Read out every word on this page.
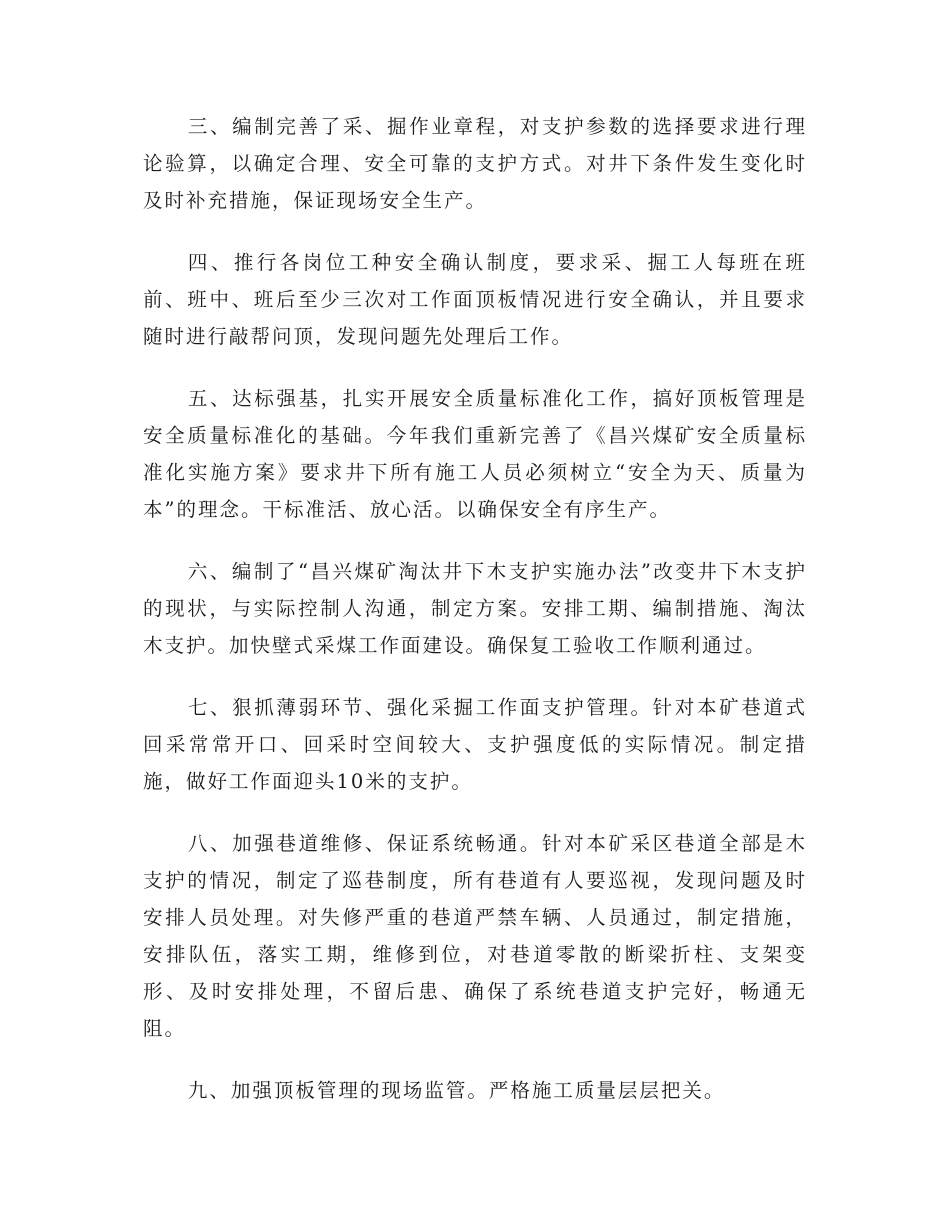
三、编制完善了采、掘作业章程，对支护参数的选择要求进行理论验算，以确定合理、安全可靠的支护方式。对井下条件发生变化时及时补充措施，保证现场安全生产。

四、推行各岗位工种安全确认制度，要求采、掘工人每班在班前、班中、班后至少三次对工作面顶板情况进行安全确认，并且要求随时进行敲帮问顶，发现问题先处理后工作。

五、达标强基，扎实开展安全质量标准化工作，搞好顶板管理是安全质量标准化的基础。今年我们重新完善了《昌兴煤矿安全质量标准化实施方案》要求井下所有施工人员必须树立“安全为天、质量为本”的理念。干标准活、放心活。以确保安全有序生产。

六、编制了“昌兴煤矿淘汰井下木支护实施办法”改变井下木支护的现状，与实际控制人沟通，制定方案。安排工期、编制措施、淘汰木支护。加快壁式采煤工作面建设。确保复工验收工作顺利通过。

七、狠抓薄弱环节、强化采掘工作面支护管理。针对本矿巷道式回采常常开口、回采时空间较大、支护强度低的实际情况。制定措施，做好工作面迎头10米的支护。

八、加强巷道维修、保证系统畅通。针对本矿采区巷道全部是木支护的情况，制定了巡巷制度，所有巷道有人要巡视，发现问题及时安排人员处理。对失修严重的巷道严禁车辆、人员通过，制定措施，安排队伍，落实工期，维修到位，对巷道零散的断梁折柱、支架变形、及时安排处理，不留后患、确保了系统巷道支护完好，畅通无阻。

九、加强顶板管理的现场监管。严格施工质量层层把关。
